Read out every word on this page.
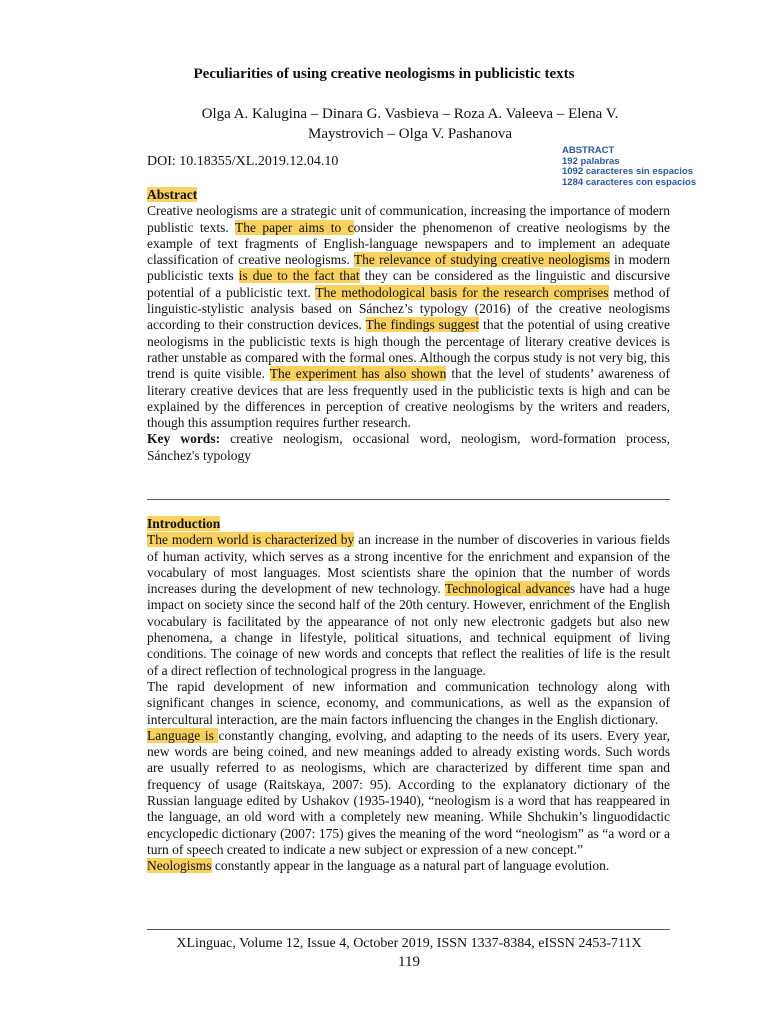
Peculiarities of using creative neologisms in publicistic texts
Olga A. Kalugina – Dinara G. Vasbieva – Roza A. Valeeva – Elena V.
Maystrovich – Olga V. Pashanova
DOI: 10.18355/XL.2019.12.04.10
ABSTRACT
192 palabras
1092 caracteres sin espacios
1284 caracteres con espacios
Abstract

Creative neologisms are a strategic unit of communication, increasing the importance of modern publistic texts. The paper aims to consider the phenomenon of creative neologisms by the example of text fragments of English-language newspapers and to implement an adequate classification of creative neologisms. The relevance of studying creative neologisms in modern publicistic texts is due to the fact that they can be considered as the linguistic and discursive potential of a publicistic text. The methodological basis for the research comprises method of linguistic-stylistic analysis based on Sánchez’s typology (2016) of the creative neologisms according to their construction devices. The findings suggest that the potential of using creative neologisms in the publicistic texts is high though the percentage of literary creative devices is rather unstable as compared with the formal ones. Although the corpus study is not very big, this trend is quite visible. The experiment has also shown that the level of students’ awareness of literary creative devices that are less frequently used in the publicistic texts is high and can be explained by the differences in perception of creative neologisms by the writers and readers, though this assumption requires further research.

Key words: creative neologism, occasional word, neologism, word-formation process, Sánchez's typology

Introduction

The modern world is characterized by an increase in the number of discoveries in various fields of human activity, which serves as a strong incentive for the enrichment and expansion of the vocabulary of most languages. Most scientists share the opinion that the number of words increases during the development of new technology. Technological advances have had a huge impact on society since the second half of the 20th century. However, enrichment of the English vocabulary is facilitated by the appearance of not only new electronic gadgets but also new phenomena, a change in lifestyle, political situations, and technical equipment of living conditions. The coinage of new words and concepts that reflect the realities of life is the result of a direct reflection of technological progress in the language.

The rapid development of new information and communication technology along with significant changes in science, economy, and communications, as well as the expansion of intercultural interaction, are the main factors influencing the changes in the English dictionary.

Language is constantly changing, evolving, and adapting to the needs of its users. Every year, new words are being coined, and new meanings added to already existing words. Such words are usually referred to as neologisms, which are characterized by different time span and frequency of usage (Raitskaya, 2007: 95). According to the explanatory dictionary of the Russian language edited by Ushakov (1935-1940), “neologism is a word that has reappeared in the language, an old word with a completely new meaning. While Shchukin’s linguodidactic encyclopedic dictionary (2007: 175) gives the meaning of the word “neologism” as “a word or a turn of speech created to indicate a new subject or expression of a new concept.”

Neologisms constantly appear in the language as a natural part of language evolution.

XLinguac, Volume 12, Issue 4, October 2019, ISSN 1337-8384, eISSN 2453-711X
119
